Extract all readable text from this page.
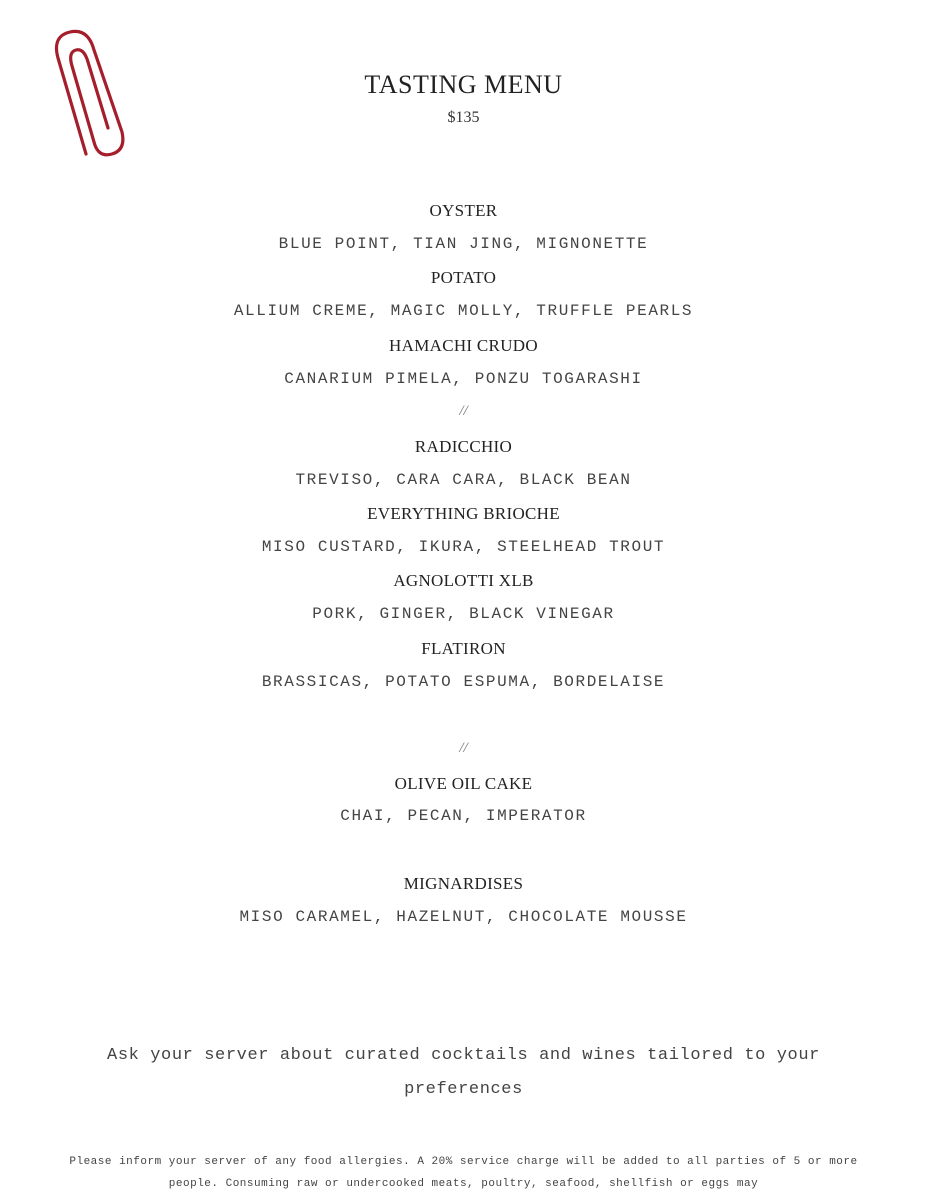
TASTING MENU
$135
OYSTER
BLUE POINT, TIAN JING, MIGNONETTE
POTATO
ALLIUM CREME, MAGIC MOLLY, TRUFFLE PEARLS
HAMACHI CRUDO
CANARIUM PIMELA, PONZU TOGARASHI
//
RADICCHIO
TREVISO, CARA CARA, BLACK BEAN
EVERYTHING BRIOCHE
MISO CUSTARD, IKURA, STEELHEAD TROUT
AGNOLOTTI XLB
PORK, GINGER, BLACK VINEGAR
FLATIRON
BRASSICAS, POTATO ESPUMA, BORDELAISE
//
OLIVE OIL CAKE
CHAI, PECAN, IMPERATOR
MIGNARDISES
MISO CARAMEL, HAZELNUT, CHOCOLATE MOUSSE
Ask your server about curated cocktails and wines tailored to your preferences
Please inform your server of any food allergies. A 20% service charge will be added to all parties of 5 or more people. Consuming raw or undercooked meats, poultry, seafood, shellfish or eggs may
